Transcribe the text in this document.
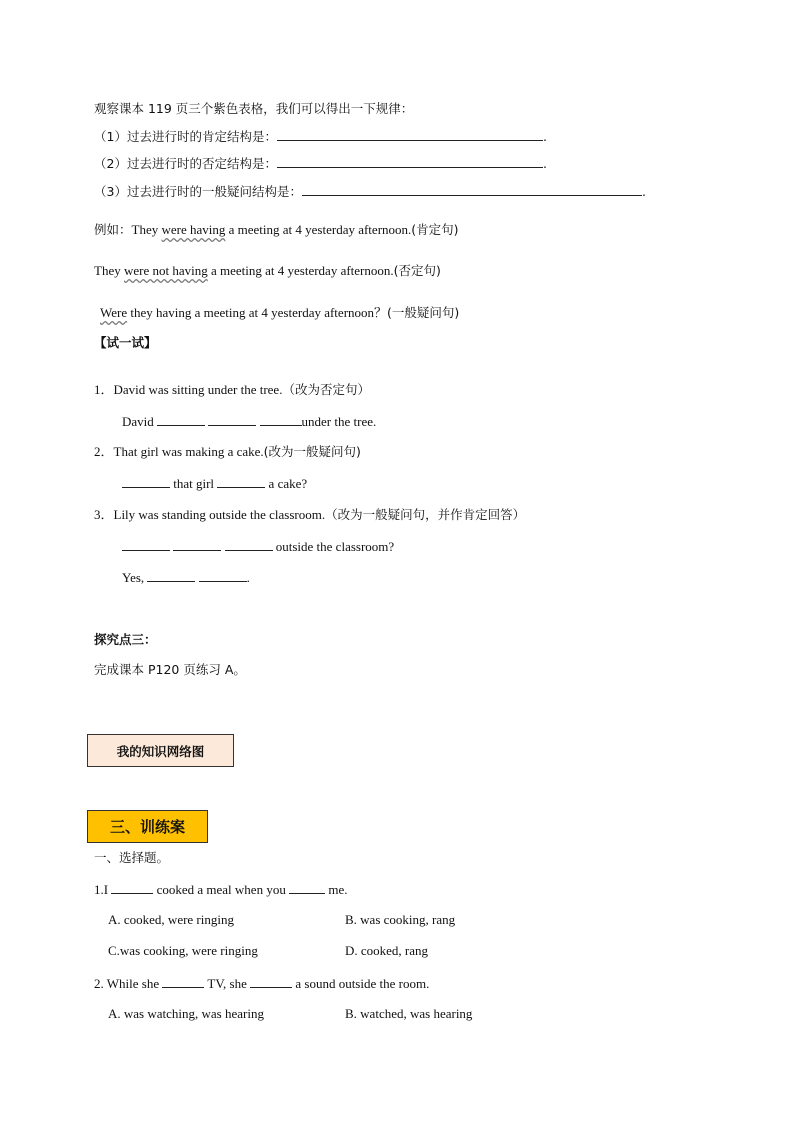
观察课本 119 页三个紫色表格，我们可以得出一下规律：
（1）过去进行时的肯定结构是：	.
（2）过去进行时的否定结构是：	.
（3）过去进行时的一般疑问结构是：	.
例如：They were having a meeting at 4 yesterday afternoon.(肯定句)
They were not having a meeting at 4 yesterday afternoon.(否定句)
Were they having a meeting at 4 yesterday afternoon？(一般疑问句)
【试一试】
1．David was sitting under the tree.（改为否定句）
David	under the tree.
2．That girl was making a cake.(改为一般疑问句)
that girl	a cake?
3．Lily was standing outside the classroom.（改为一般疑问句，并作肯定回答）
outside the classroom?
Yes,	.
探究点三：
完成课本 P120 页练习 A。
我的知识网络图
三、训练案
一、选择题。
1.I	cooked a meal when you	me.
A. cooked, were ringing	B. was cooking, rang
C.was cooking, were ringing	D. cooked, rang
2. While she	TV, she	a sound outside the room.
A. was watching, was hearing	B. watched, was hearing
